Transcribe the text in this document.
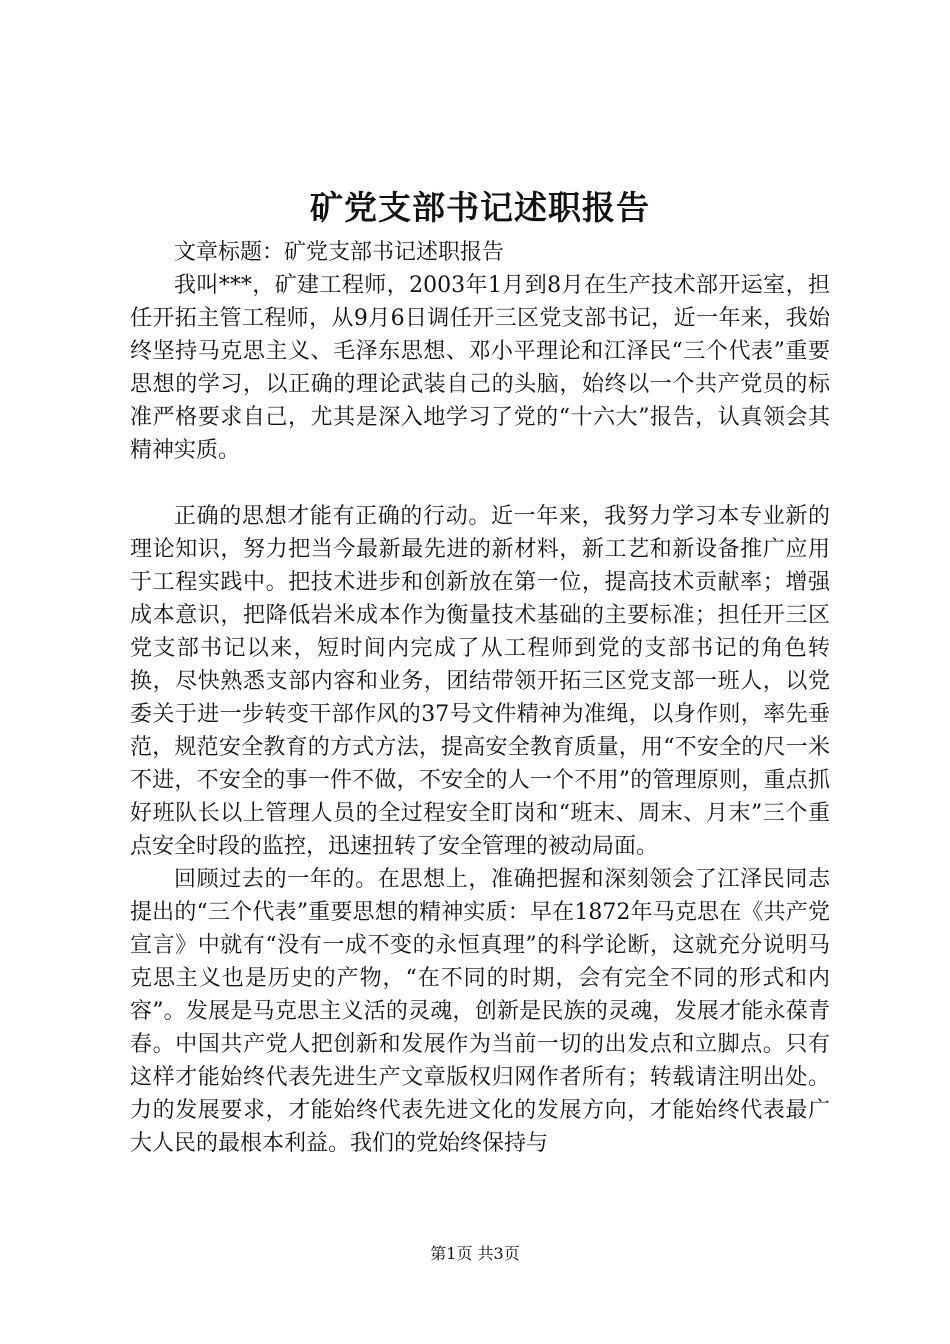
矿党支部书记述职报告

文章标题：矿党支部书记述职报告

我叫***，矿建工程师，2003年1月到8月在生产技术部开运室，担任开拓主管工程师，从9月6日调任开三区党支部书记，近一年来，我始终坚持马克思主义、毛泽东思想、邓小平理论和江泽民“三个代表”重要思想的学习，以正确的理论武装自己的头脑，始终以一个共产党员的标准严格要求自己，尤其是深入地学习了党的“十六大”报告，认真领会其精神实质。

正确的思想才能有正确的行动。近一年来，我努力学习本专业新的理论知识，努力把当今最新最先进的新材料，新工艺和新设备推广应用于工程实践中。把技术进步和创新放在第一位，提高技术贡献率；增强成本意识，把降低岩米成本作为衡量技术基础的主要标准；担任开三区党支部书记以来，短时间内完成了从工程师到党的支部书记的角色转换，尽快熟悉支部内容和业务，团结带领开拓三区党支部一班人，以党委关于进一步转变干部作风的37号文件精神为准绳，以身作则，率先垂范，规范安全教育的方式方法，提高安全教育质量，用“不安全的尺一米不进，不安全的事一件不做，不安全的人一个不用”的管理原则，重点抓好班队长以上管理人员的全过程安全盯岗和“班末、周末、月末”三个重点安全时段的监控，迅速扭转了安全管理的被动局面。

回顾过去的一年的。在思想上，准确把握和深刻领会了江泽民同志提出的“三个代表”重要思想的精神实质：早在1872年马克思在《共产党宣言》中就有“没有一成不变的永恒真理”的科学论断，这就充分说明马克思主义也是历史的产物，“在不同的时期，会有完全不同的形式和内容”。发展是马克思主义活的灵魂，创新是民族的灵魂，发展才能永葆青春。中国共产党人把创新和发展作为当前一切的出发点和立脚点。只有这样才能始终代表先进生产文章版权归网作者所有；转载请注明出处。力的发展要求，才能始终代表先进文化的发展方向，才能始终代表最广大人民的最根本利益。我们的党始终保持与

第1页 共3页
